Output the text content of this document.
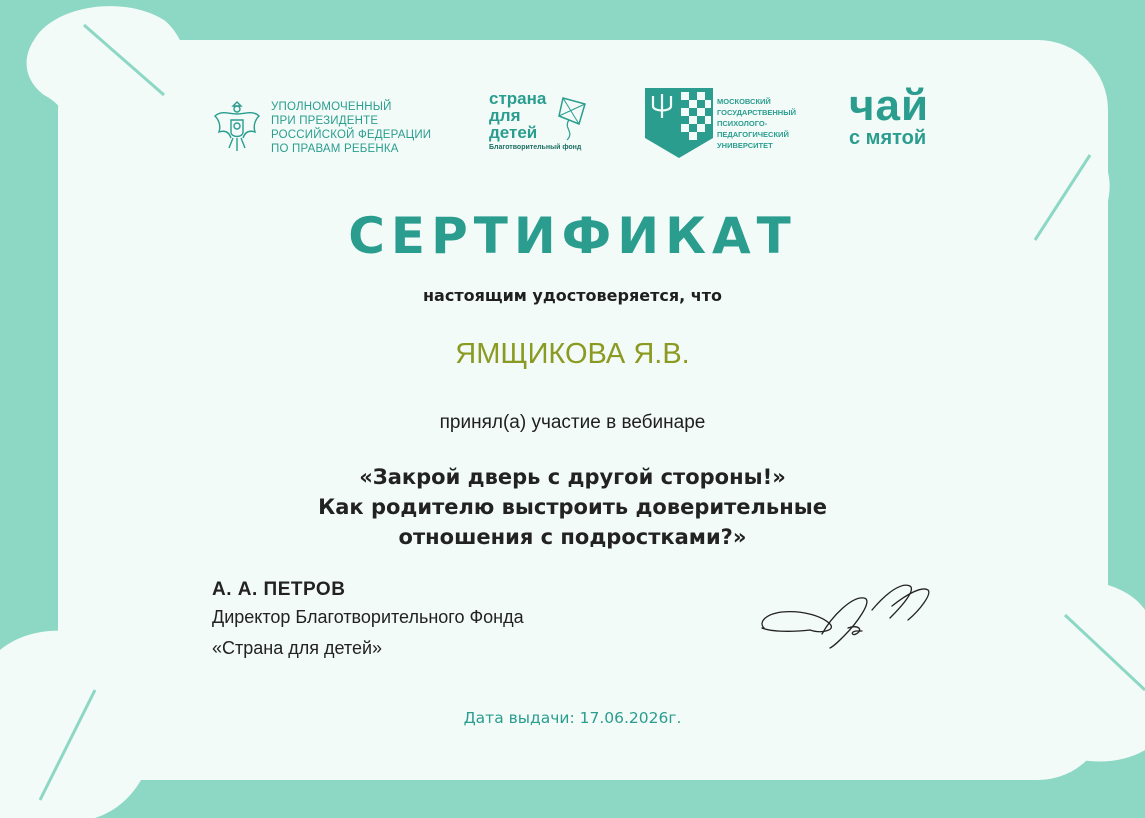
УПОЛНОМОЧЕННЫЙ
ПРИ ПРЕЗИДЕНТЕ
РОССИЙСКОЙ ФЕДЕРАЦИИ
ПО ПРАВАМ РЕБЕНКА
страна
для
детей
Благотворительный фонд
МОСКОВСКИЙ
ГОСУДАРСТВЕННЫЙ
ПСИХОЛОГО-
ПЕДАГОГИЧЕСКИЙ
УНИВЕРСИТЕТ
чай
с мятой
СЕРТИФИКАТ
настоящим удостоверяется, что
ЯМЩИКОВА Я.В.
принял(а) участие в вебинаре
«Закрой дверь с другой стороны!»
Как родителю выстроить доверительные
отношения с подростками?»
А. А. ПЕТРОВ
Директор Благотворительного Фонда
«Страна для детей»
Дата выдачи: 17.06.2026г.
